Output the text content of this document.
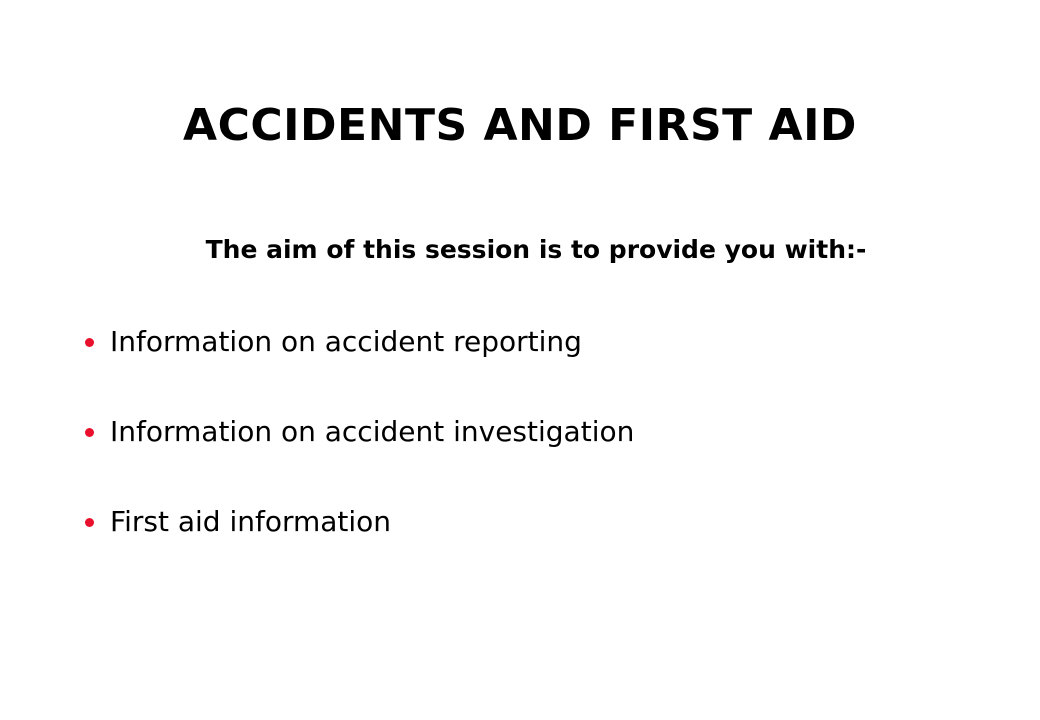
ACCIDENTS AND FIRST AID
The aim of this session is to provide you with:-
Information on accident reporting
Information on accident investigation
First aid information
